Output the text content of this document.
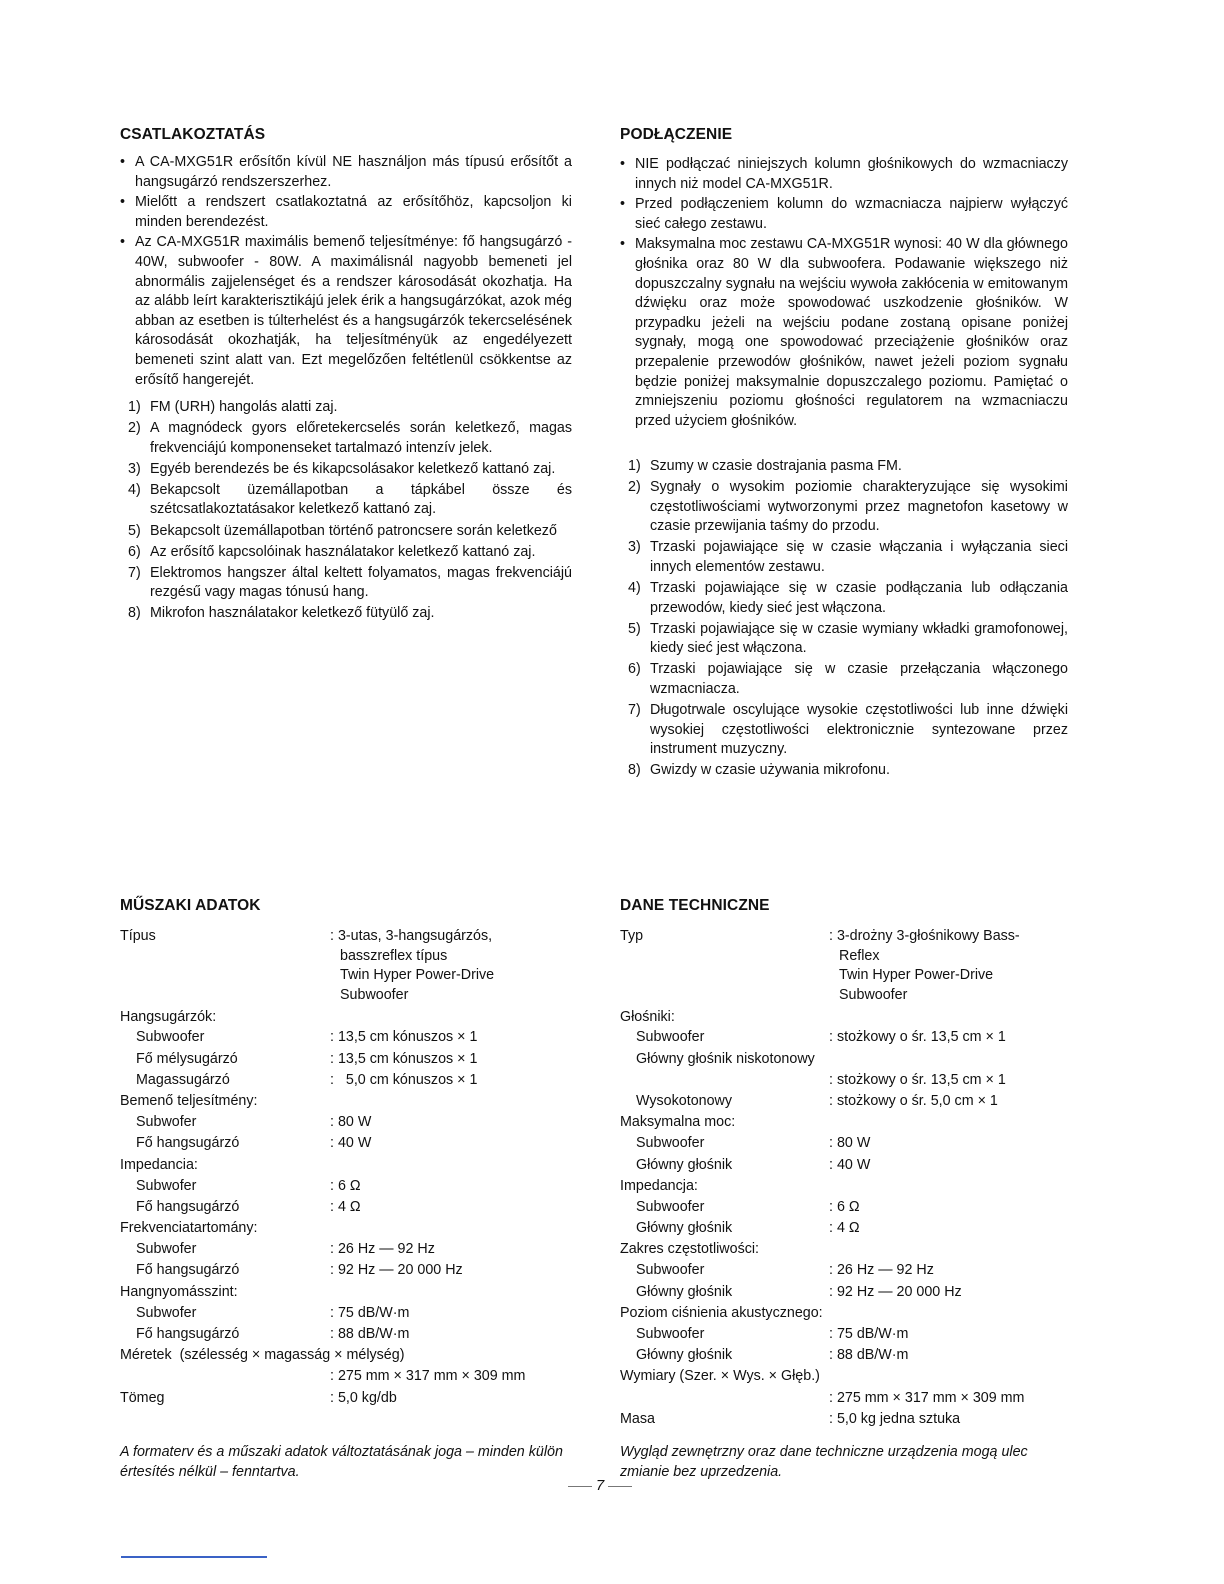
CSATLAKOZTATÁS
• A CA-MXG51R erősítőn kívül NE használjon más típusú erősítőt a hangsugárzó rendszerszerhez.
• Mielőtt a rendszert csatlakoztatná az erősítőhöz, kapcsoljon ki minden berendezést.
• Az CA-MXG51R maximális bemenő teljesítménye: fő hangsugárzó - 40W, subwoofer - 80W. A maximálisnál nagyobb bemeneti jel abnormális zajjelenséget és a rendszer károsodását okozhatja. Ha az alább leírt karakterisztikájú jelek érik a hangsugárzókat, azok még abban az esetben is túlterhelést és a hangsugárzók tekercselésének károsodását okozhatják, ha teljesítményük az engedélyezett bemeneti szint alatt van. Ezt megelőzően feltétlenül csökkentse az erősítő hangerejét.
1) FM (URH) hangolás alatti zaj.
2) A magnódeck gyors előretekercselés során keletkező, magas frekvenciájú komponenseket tartalmazó intenzív jelek.
3) Egyéb berendezés be és kikapcsolásakor keletkező kattanó zaj.
4) Bekapcsolt üzemállapotban a tápkábel össze és szétcsatlakoztatásakor keletkező kattanó zaj.
5) Bekapcsolt üzemállapotban történő patroncsere során keletkező
6) Az erősítő kapcsolóinak használatakor keletkező kattanó zaj.
7) Elektromos hangszer által keltett folyamatos, magas frekvenciájú rezgésű vagy magas tónusú hang.
8) Mikrofon használatakor keletkező fütyülő zaj.
MŰSZAKI ADATOK
Típus	: 3-utas, 3-hangsugárzós,
basszreflex típus
Twin Hyper Power-Drive
Subwoofer
Hangsugárzók:
Subwoofer	: 13,5 cm kónuszos × 1
Fő mélysugárzó	: 13,5 cm kónuszos × 1
Magassugárzó	:   5,0 cm kónuszos × 1
Bemenő teljesítmény:
Subwofer	: 80 W
Fő hangsugárzó	: 40 W
Impedancia:
Subwofer	: 6 Ω
Fő hangsugárzó	: 4 Ω
Frekvenciatartomány:
Subwofer	: 26 Hz — 92 Hz
Fő hangsugárzó	: 92 Hz — 20 000 Hz
Hangnyomásszint:
Subwofer	: 75 dB/W·m
Fő hangsugárzó	: 88 dB/W·m
Méretek  (szélesség × magasság × mélység)
: 275 mm × 317 mm × 309 mm
Tömeg	: 5,0 kg/db
A formaterv és a műszaki adatok változtatásának joga – minden külön értesítés nélkül – fenntartva.
PODŁĄCZENIE
• NIE podłączać niniejszych kolumn głośnikowych do wzmacniaczy innych niż model CA-MXG51R.
• Przed podłączeniem kolumn do wzmacniacza najpierw wyłączyć sieć całego zestawu.
• Maksymalna moc zestawu CA-MXG51R wynosi: 40 W dla głównego głośnika oraz 80 W dla subwoofera. Podawanie większego niż dopuszczalny sygnału na wejściu wywoła zakłócenia w emitowanym dźwięku oraz może spowodować uszkodzenie głośników. W przypadku jeżeli na wejściu podane zostaną opisane poniżej sygnały, mogą one spowodować przeciążenie głośników oraz przepalenie przewodów głośników, nawet jeżeli poziom sygnału będzie poniżej maksymalnie dopuszczalego poziomu. Pamiętać o zmniejszeniu poziomu głośności regulatorem na wzmacniaczu przed użyciem głośników.
1) Szumy w czasie dostrajania pasma FM.
2) Sygnały o wysokim poziomie charakteryzujące się wysokimi częstotliwościami wytworzonymi przez magnetofon kasetowy w czasie przewijania taśmy do przodu.
3) Trzaski pojawiające się w czasie włączania i wyłączania sieci innych elementów zestawu.
4) Trzaski pojawiające się w czasie podłączania lub odłączania przewodów, kiedy sieć jest włączona.
5) Trzaski pojawiające się w czasie wymiany wkładki gramofonowej, kiedy sieć jest włączona.
6) Trzaski pojawiające się w czasie przełączania włączonego wzmacniacza.
7) Długotrwale oscylujące wysokie częstotliwości lub inne dźwięki wysokiej częstotliwości elektronicznie syntezowane przez instrument muzyczny.
8) Gwizdy w czasie używania mikrofonu.
DANE TECHNICZNE
Typ	: 3-drożny 3-głośnikowy Bass-
Reflex
Twin Hyper Power-Drive
Subwoofer
Głośniki:
Subwoofer	: stożkowy o śr. 13,5 cm × 1
Główny głośnik niskotonowy
: stożkowy o śr. 13,5 cm × 1
Wysokotonowy	: stożkowy o śr. 5,0 cm × 1
Maksymalna moc:
Subwoofer	: 80 W
Główny głośnik	: 40 W
Impedancja:
Subwoofer	: 6 Ω
Główny głośnik	: 4 Ω
Zakres częstotliwości:
Subwoofer	: 26 Hz — 92 Hz
Główny głośnik	: 92 Hz — 20 000 Hz
Poziom ciśnienia akustycznego:
Subwoofer	: 75 dB/W·m
Główny głośnik	: 88 dB/W·m
Wymiary (Szer. × Wys. × Głęb.)
: 275 mm × 317 mm × 309 mm
Masa	: 5,0 kg jedna sztuka
Wygląd zewnętrzny oraz dane techniczne urządzenia mogą ulec zmianie bez uprzedzenia.
7
